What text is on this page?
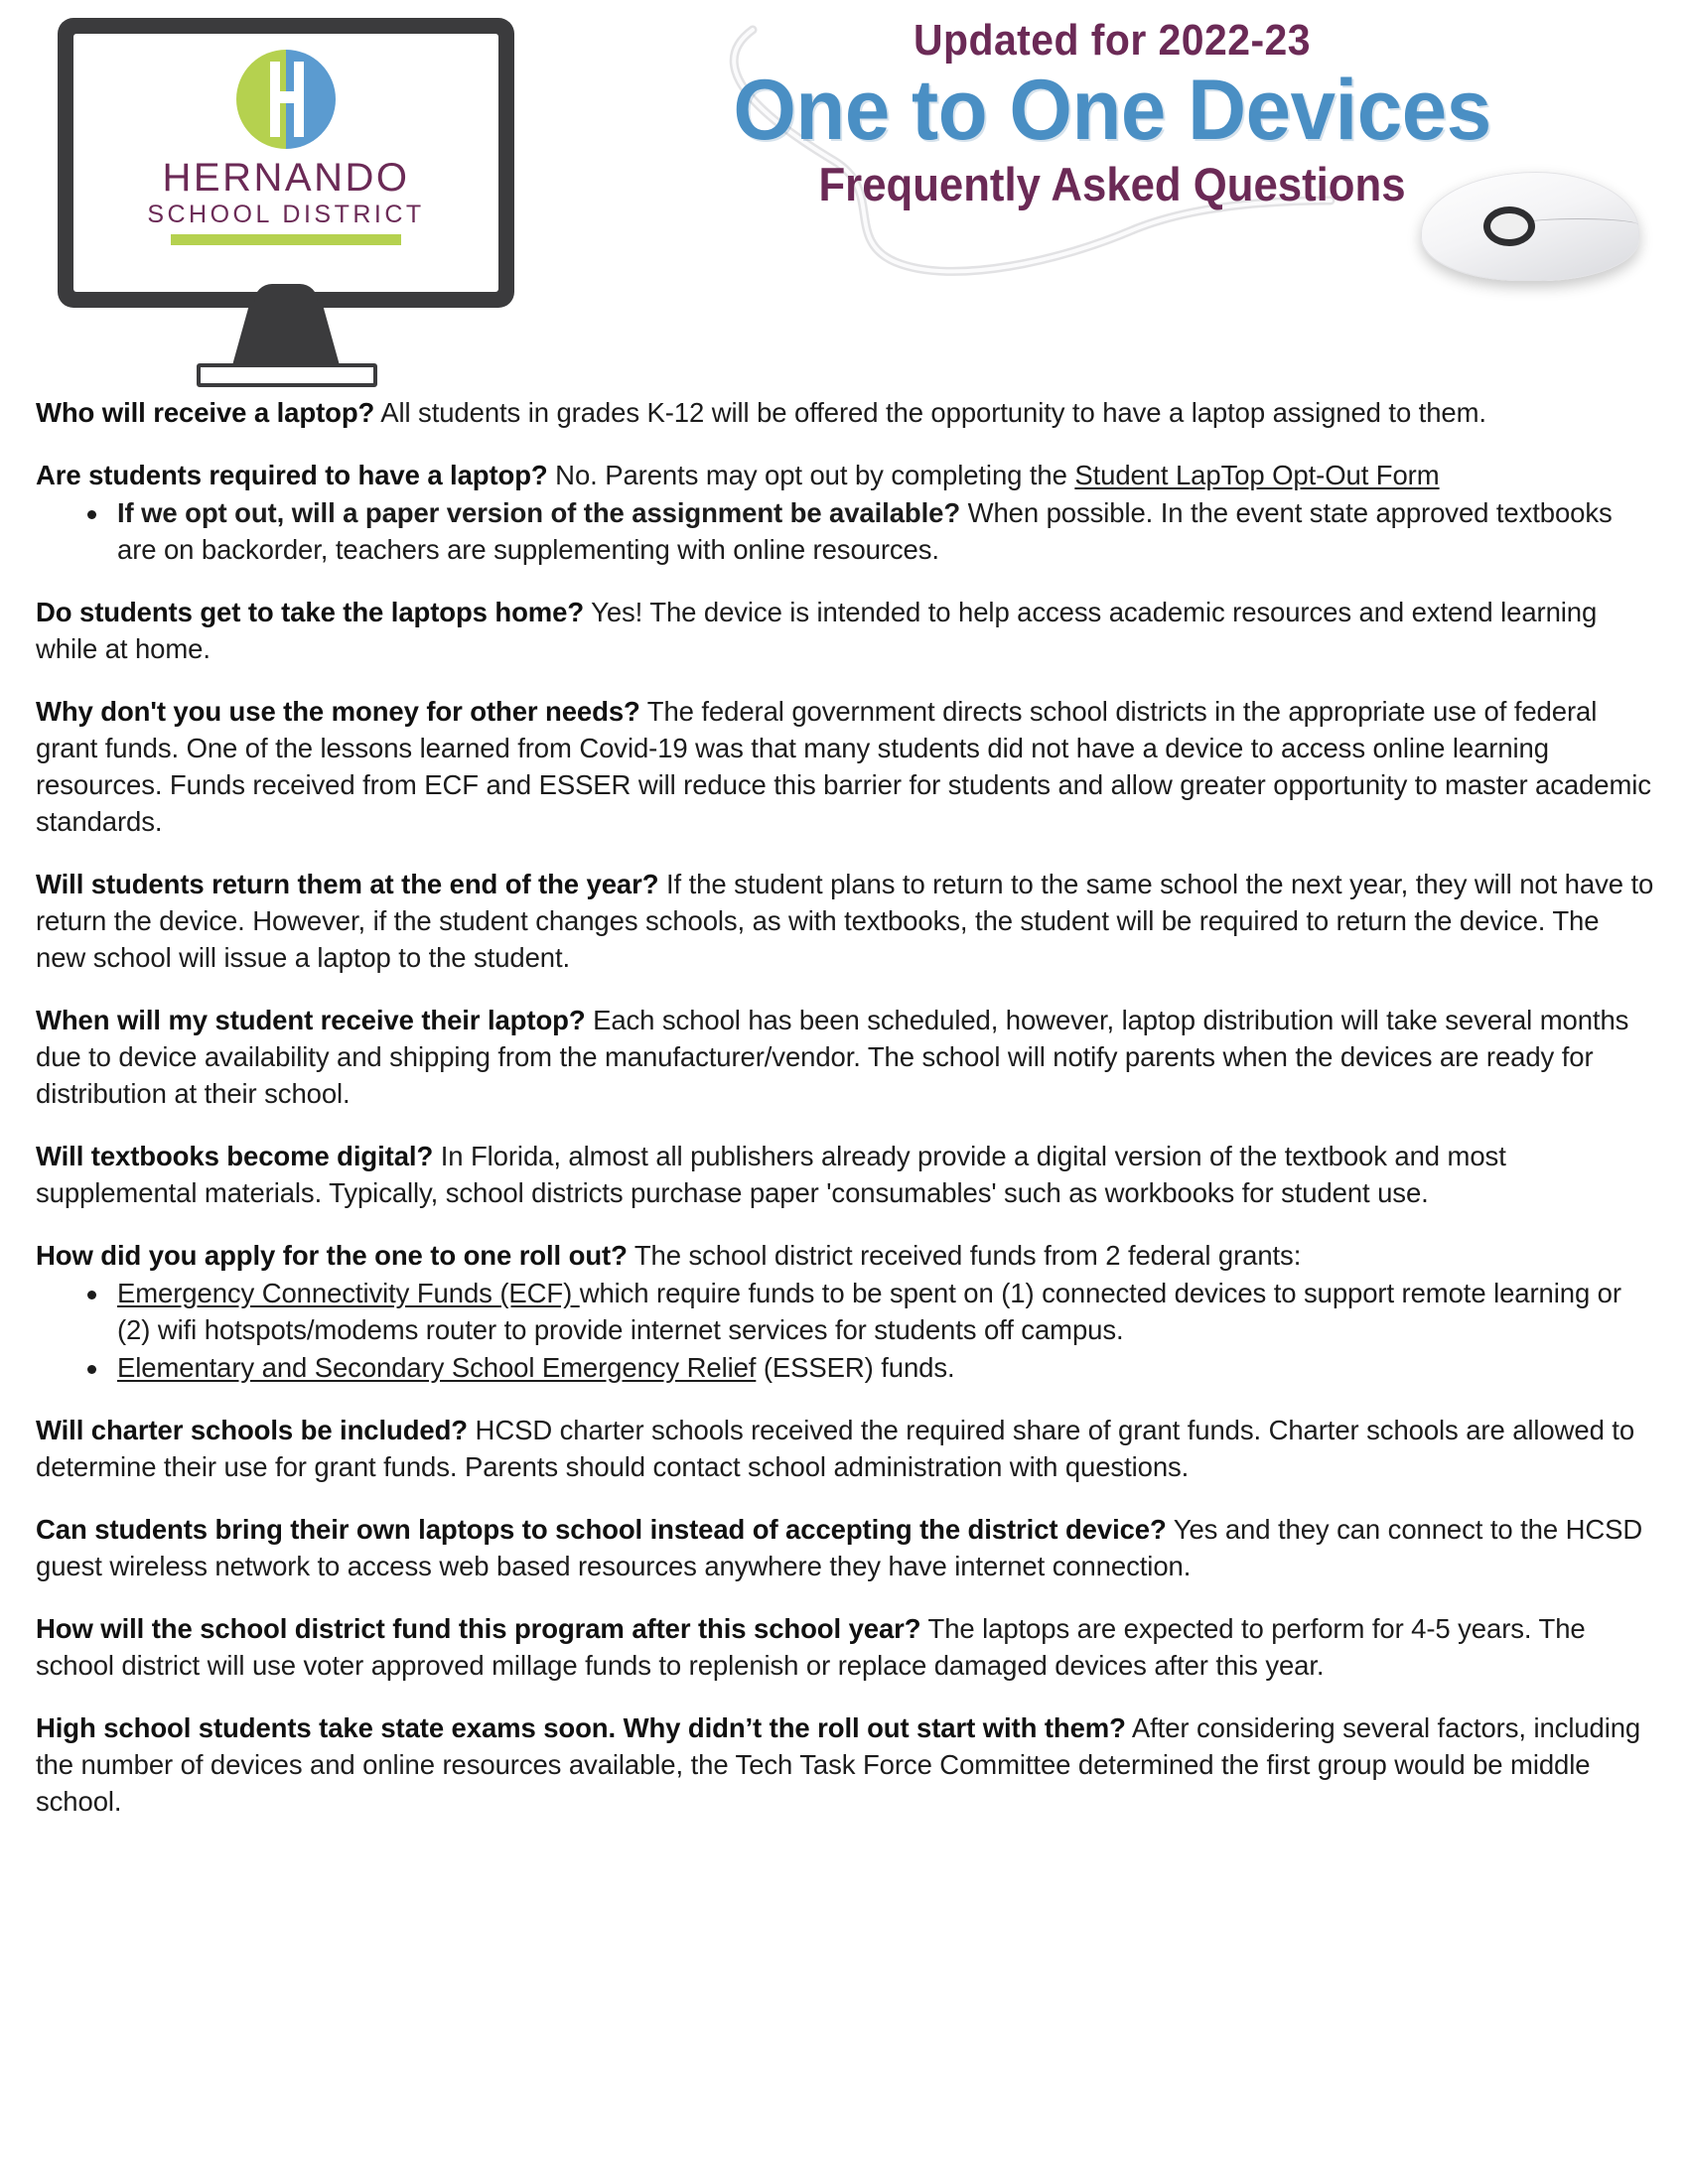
HERNANDO
SCHOOL DISTRICT
Updated for 2022-23
One to One Devices
Frequently Asked Questions

Who will receive a laptop? All students in grades K-12 will be offered the opportunity to have a laptop assigned to them.

Are students required to have a laptop? No. Parents may opt out by completing the Student LapTop Opt-Out Form
If we opt out, will a paper version of the assignment be available? When possible. In the event state approved textbooks are on backorder, teachers are supplementing with online resources.

Do students get to take the laptops home? Yes! The device is intended to help access academic resources and extend learning while at home.

Why don't you use the money for other needs? The federal government directs school districts in the appropriate use of federal grant funds. One of the lessons learned from Covid-19 was that many students did not have a device to access online learning resources. Funds received from ECF and ESSER will reduce this barrier for students and allow greater opportunity to master academic standards.

Will students return them at the end of the year? If the student plans to return to the same school the next year, they will not have to return the device. However, if the student changes schools, as with textbooks, the student will be required to return the device. The new school will issue a laptop to the student.

When will my student receive their laptop? Each school has been scheduled, however, laptop distribution will take several months due to device availability and shipping from the manufacturer/vendor. The school will notify parents when the devices are ready for distribution at their school.

Will textbooks become digital? In Florida, almost all publishers already provide a digital version of the textbook and most supplemental materials. Typically, school districts purchase paper 'consumables' such as workbooks for student use.

How did you apply for the one to one roll out? The school district received funds from 2 federal grants:
Emergency Connectivity Funds (ECF) which require funds to be spent on (1) connected devices to support remote learning or (2) wifi hotspots/modems router to provide internet services for students off campus.
Elementary and Secondary School Emergency Relief (ESSER) funds.

Will charter schools be included? HCSD charter schools received the required share of grant funds. Charter schools are allowed to determine their use for grant funds. Parents should contact school administration with questions.

Can students bring their own laptops to school instead of accepting the district device? Yes and they can connect to the HCSD guest wireless network to access web based resources anywhere they have internet connection.

How will the school district fund this program after this school year? The laptops are expected to perform for 4-5 years. The school district will use voter approved millage funds to replenish or replace damaged devices after this year.

High school students take state exams soon. Why didn’t the roll out start with them? After considering several factors, including the number of devices and online resources available, the Tech Task Force Committee determined the first group would be middle school.
